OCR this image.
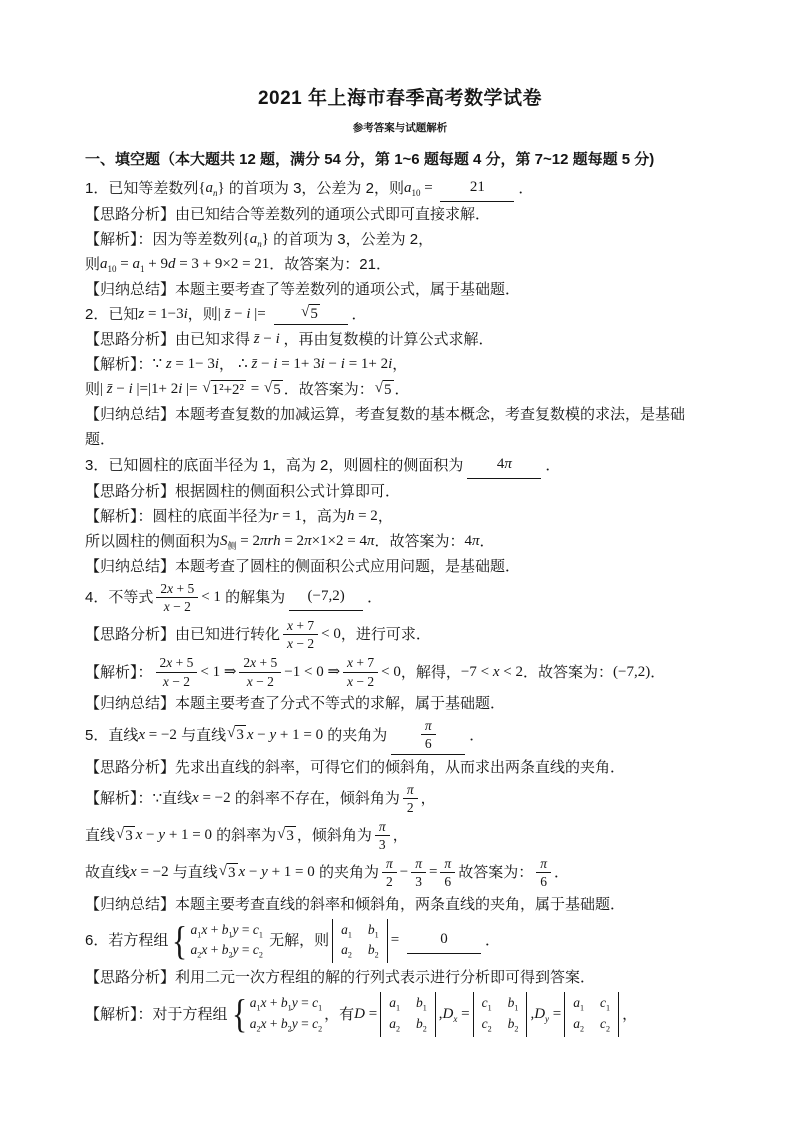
2021 年上海市春季高考数学试卷
参考答案与试题解析
一、填空题（本大题共 12 题，满分 54 分，第 1~6 题每题 4 分，第 7~12 题每题 5 分)
1．已知等差数列 $\{a_n\}$ 的首项为 3，公差为 2，则 $a_{10} = 21$ ．
【思路分析】由已知结合等差数列的通项公式即可直接求解．
【解析】：因为等差数列 $\{a_n\}$ 的首项为 3，公差为 2，
则 $a_{10} = a_1 + 9d = 3 + 9\times 2 = 21$ ．故答案为：21．
【归纳总结】本题主要考查了等差数列的通项公式，属于基础题．
2．已知 z = 1−3i ，则 | z̄ − i |= √ 5 ．
【思路分析】由已知求得 z̄ − i ，再由复数模的计算公式求解．
【解析】： ∵ z = 1− 3i ， ∴ z̄ − i = 1+ 3i − i = 1+ 2i ，
则 | z̄ − i |=|1+ 2i |= √ 1²+2² = √ 5 ．故答案为： √ 5 ．
【归纳总结】本题考查复数的加减运算，考查复数的基本概念，考查复数模的求法，是基础
题．
3．已知圆柱的底面半径为 1，高为 2，则圆柱的侧面积为 4π ．
【思路分析】根据圆柱的侧面积公式计算即可．
【解析】：圆柱的底面半径为 r = 1 ，高为 h = 2 ，
所以圆柱的侧面积为 $S_侧 = 2\pi rh = 2\pi\times 1\times 2 = 4\pi$ ．故答案为： 4π ．
【归纳总结】本题考查了圆柱的侧面积公式应用问题，是基础题．
4．不等式 $\frac{2x + 5}{x - 2} < 1$ 的解集为 (−7,2) ．
【思路分析】由已知进行转化 $\frac{x + 7}{x - 2} < 0$ ，进行可求．
【解析】： $\frac{2x + 5}{x - 2} < 1$ ⇒ $\frac{2x + 5}{x - 2} -1 < 0$ ⇒ $\frac{x + 7}{x - 2} < 0$ ，解得， −7 < x < 2 ．故答案为： (−7,2) ．
【归纳总结】本题主要考查了分式不等式的求解，属于基础题．
5．直线 x = −2 与直线 √ 3 x − y + 1 = 0 的夹角为 $\frac{\pi}{6}$ ．
【思路分析】先求出直线的斜率，可得它们的倾斜角，从而求出两条直线的夹角．
【解析】：∵直线 x = −2 的斜率不存在，倾斜角为 $\frac{\pi}{2}$ ，
直线 √ 3 x − y + 1 = 0 的斜率为 √ 3 ，倾斜角为 $\frac{\pi}{3}$ ，
故直线 x = −2 与直线 √ 3 x − y + 1 = 0 的夹角为 $\frac{\pi}{2} - \frac{\pi}{3} = \frac{\pi}{6}$ 故答案为： $\frac{\pi}{6}$ ．
【归纳总结】本题主要考查直线的斜率和倾斜角，两条直线的夹角，属于基础题．
6．若方程组 { $a_1x + b_1y = c_1$
$a_2x + b_2y = c_2$
无解，则
$a_1$ $b_1$
$a_2$ $b_2$
= 0 ．
【思路分析】利用二元一次方程组的解的行列式表示进行分析即可得到答案．
【解析】：对于方程组 { $a_1x + b_1y = c_1$
$a_2x + b_2y = c_2$
，有 D =
$a_1$ $b_1$
$a_2$ $b_2$
$,D_x$ =
$c_1$ $b_1$
$c_2$ $b_2$
$,D_y$ =
$a_1$ $c_1$
$a_2$ $c_2$
，
